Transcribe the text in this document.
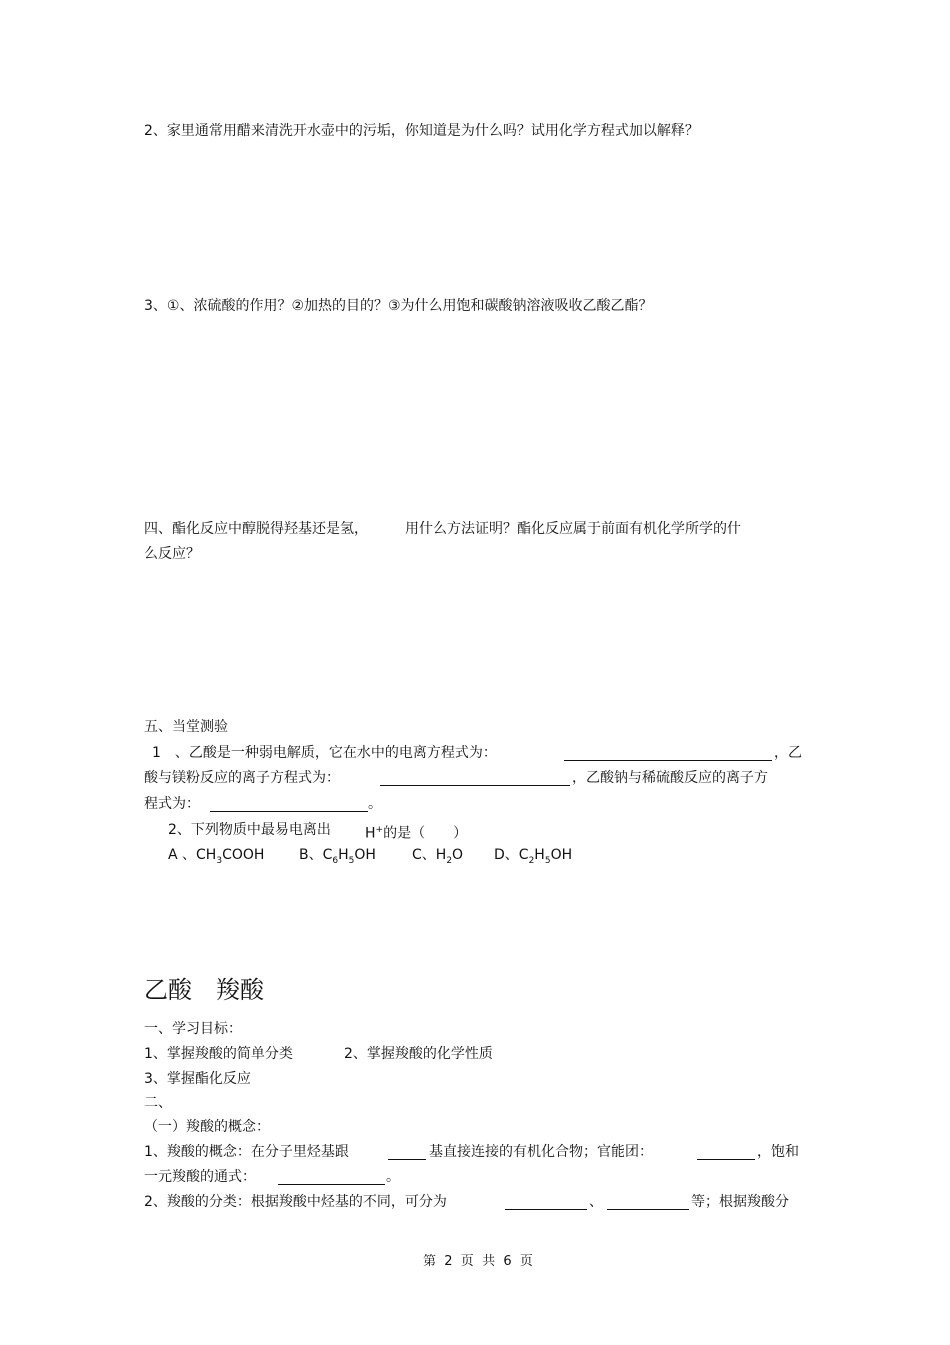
2、家里通常用醋来清洗开水壶中的污垢，你知道是为什么吗？试用化学方程式加以解释？
3、①、浓硫酸的作用？②加热的目的？③为什么用饱和碳酸钠溶液吸收乙酸乙酯？
四、酯化反应中醇脱得羟基还是氢，	用什么方法证明？酯化反应属于前面有机化学所学的什
么反应？
五、当堂测验
1　、乙酸是一种弱电解质，它在水中的电离方程式为：	，乙
酸与镁粉反应的离子方程式为：	，乙酸钠与稀硫酸反应的离子方
程式为：	。
2、下列物质中最易电离出 H+的是（　　）
A 、$CH_3COOH$ B、$C_6H_5OH$	C、$H_2O$ D、$C_2H_5OH$
乙酸　羧酸
一、学习目标：
1、掌握羧酸的简单分类	2、掌握羧酸的化学性质
3、掌握酯化反应
二、
（一）羧酸的概念：
1、羧酸的概念：在分子里烃基跟	基直接连接的有机化合物；官能团：	，饱和
一元羧酸的通式：	。
2、羧酸的分类：根据羧酸中烃基的不同，可分为	、	等；根据羧酸分
第  2  页  共  6  页
